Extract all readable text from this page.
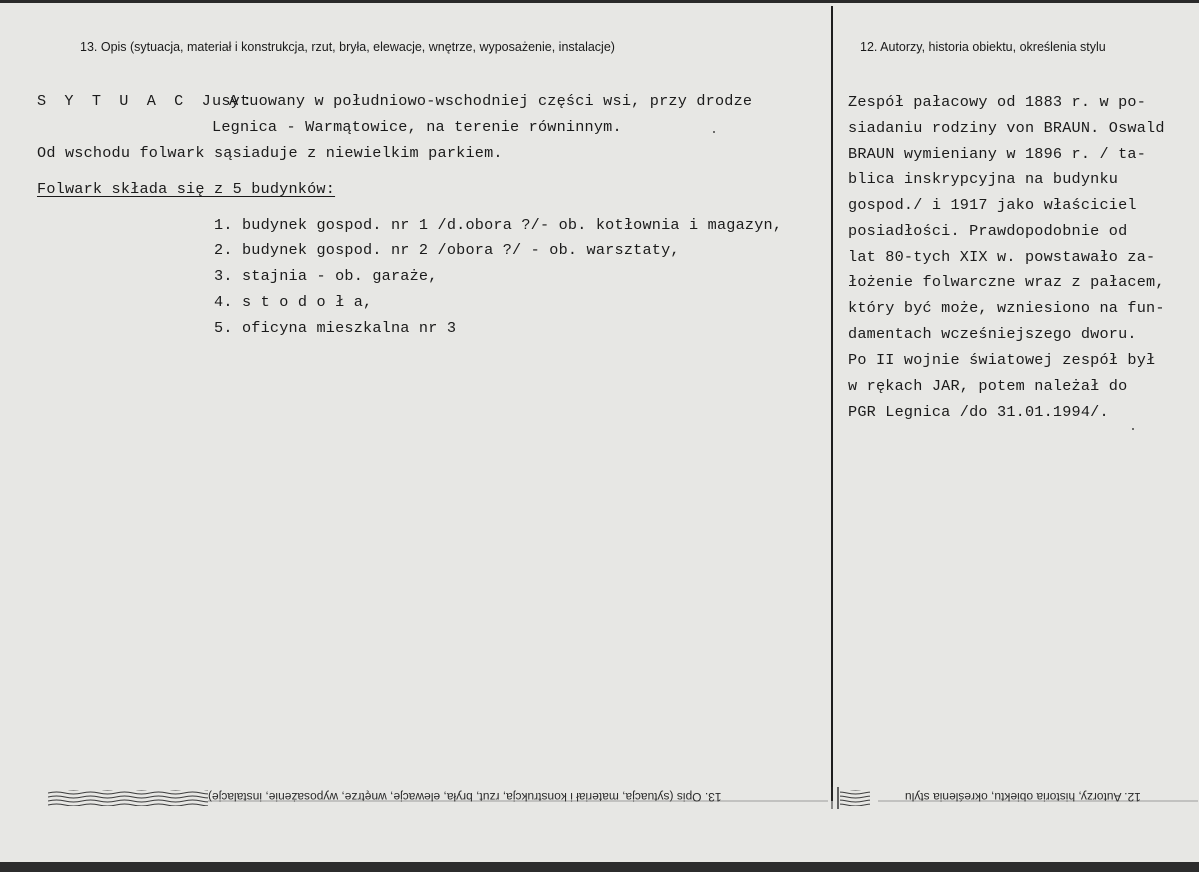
13. Opis (sytuacja, materiał i konstrukcja, rzut, bryła, elewacje, wnętrze, wyposażenie, instalacje)	12. Autorzy, historia obiektu, określenia stylu
S Y T U A C J A:
usytuowany w południowo-wschodniej części wsi, przy drodze
Legnica - Warmątowice, na terenie równinnym.
Od wschodu folwark sąsiaduje z niewielkim parkiem.
Folwark składa się z 5 budynków:
1. budynek gospod. nr 1 /d.obora ?/- ob. kotłownia i magazyn,
2. budynek gospod. nr 2 /obora ?/ - ob. warsztaty,
3. stajnia - ob. garaże,
4. s t o d o ł a,
5. oficyna mieszkalna nr 3
Zespół pałacowy od 1883 r. w po-
siadaniu rodziny von BRAUN. Oswald
BRAUN wymieniany w 1896 r. / ta-
blica inskrypcyjna na budynku
gospod./ i 1917 jako właściciel
posiadłości. Prawdopodobnie od
lat 80-tych XIX w. powstawało za-
łożenie folwarczne wraz z pałacem,
który być może, wzniesiono na fun-
damentach wcześniejszego dworu.
Po II wojnie światowej zespół był
w rękach JAR, potem należał do
PGR Legnica /do 31.01.1994/.
13. Opis (sytuacja, materiał i konstrukcja, rzut, bryła, elewacje, wnętrze, wyposażenie, instalacje)	12. Autorzy, historia obiektu, określenia stylu
